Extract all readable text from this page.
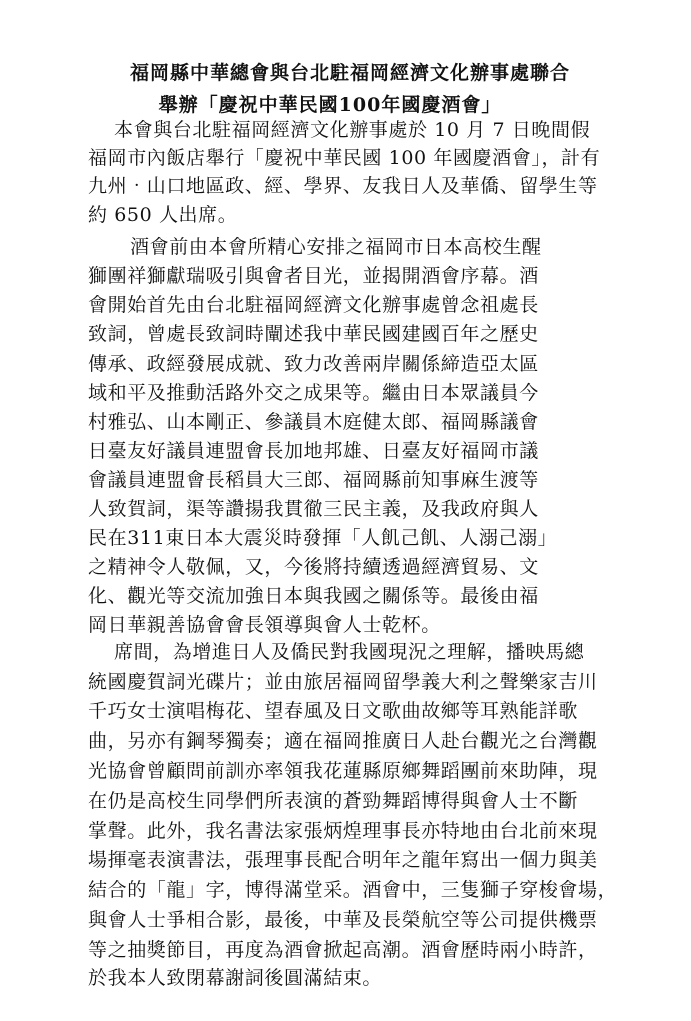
福岡縣中華總會與台北駐福岡經濟文化辦事處聯合
舉辦「慶祝中華民國100年國慶酒會」
本會與台北駐福岡經濟文化辦事處於 10 月 7 日晚間假
福岡市內飯店舉行「慶祝中華民國 100 年國慶酒會」，計有
九州‧山口地區政、經、學界、友我日人及華僑、留學生等
約 650 人出席。
酒會前由本會所精心安排之福岡市日本高校生醒
獅團祥獅獻瑞吸引與會者目光，並揭開酒會序幕。酒
會開始首先由台北駐福岡經濟文化辦事處曾念祖處長
致詞，曾處長致詞時闡述我中華民國建國百年之歷史
傳承、政經發展成就、致力改善兩岸關係締造亞太區
域和平及推動活路外交之成果等。繼由日本眾議員今
村雅弘、山本剛正、參議員木庭健太郎、福岡縣議會
日臺友好議員連盟會長加地邦雄、日臺友好福岡市議
會議員連盟會長稻員大三郎、福岡縣前知事麻生渡等
人致賀詞，渠等讚揚我貫徹三民主義，及我政府與人
民在311東日本大震災時發揮「人飢己飢、人溺己溺」
之精神令人敬佩，又，今後將持續透過經濟貿易、文
化、觀光等交流加強日本與我國之關係等。最後由福
岡日華親善協會會長領導與會人士乾杯。
席間，為增進日人及僑民對我國現況之理解，播映馬總
統國慶賀詞光碟片；並由旅居福岡留學義大利之聲樂家吉川
千巧女士演唱梅花、望春風及日文歌曲故鄉等耳熟能詳歌
曲，另亦有鋼琴獨奏；適在福岡推廣日人赴台觀光之台灣觀
光協會曾顧問前訓亦率領我花蓮縣原鄉舞蹈團前來助陣，現
在仍是高校生同學們所表演的蒼勁舞蹈博得與會人士不斷
掌聲。此外，我名書法家張炳煌理事長亦特地由台北前來現
場揮毫表演書法，張理事長配合明年之龍年寫出一個力與美
結合的「龍」字，博得滿堂采。酒會中，三隻獅子穿梭會場，
與會人士爭相合影，最後，中華及長榮航空等公司提供機票
等之抽獎節目，再度為酒會掀起高潮。酒會歷時兩小時許，
於我本人致閉幕謝詞後圓滿結束。
